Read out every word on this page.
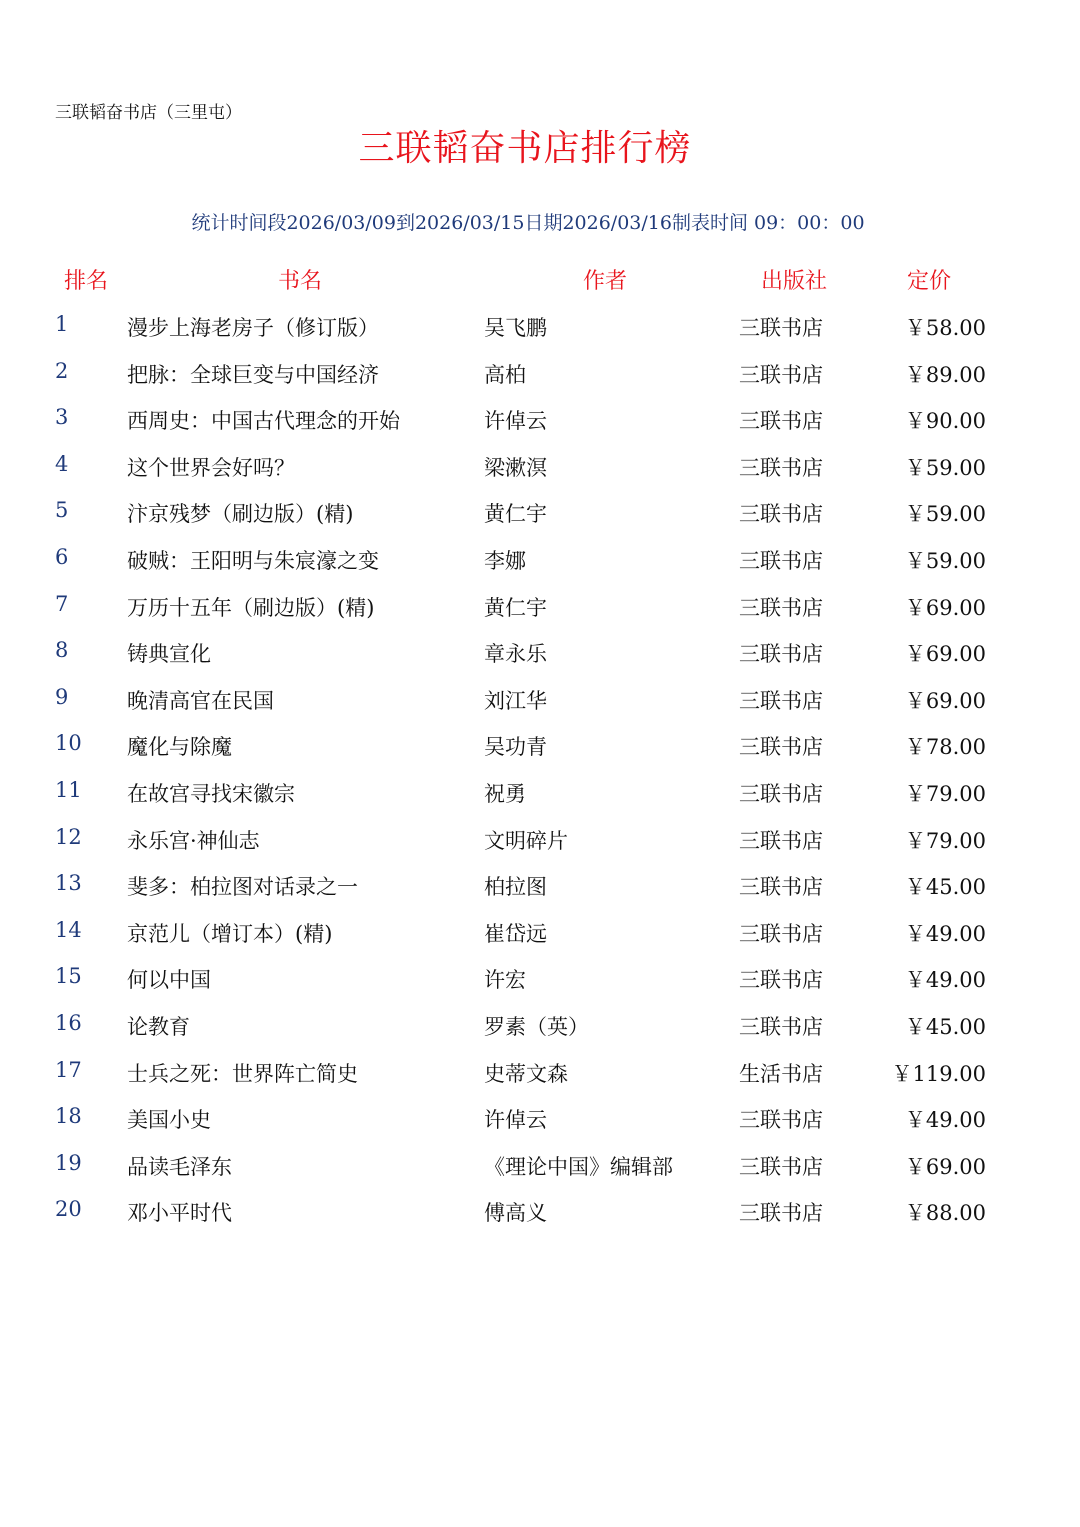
三联韬奋书店（三里屯）
三联韬奋书店排行榜
统计时间段2026/03/09到2026/03/15日期2026/03/16制表时间 09：00：00
排名	书名	作者	出版社	定价
1	漫步上海老房子（修订版）	吴飞鹏	三联书店	￥58.00
2	把脉：全球巨变与中国经济	高柏	三联书店	￥89.00
3	西周史：中国古代理念的开始	许倬云	三联书店	￥90.00
4	这个世界会好吗？	梁漱溟	三联书店	￥59.00
5	汴京残梦（刷边版）(精)	黄仁宇	三联书店	￥59.00
6	破贼：王阳明与朱宸濠之变	李娜	三联书店	￥59.00
7	万历十五年（刷边版）(精)	黄仁宇	三联书店	￥69.00
8	铸典宣化	章永乐	三联书店	￥69.00
9	晚清高官在民国	刘江华	三联书店	￥69.00
10 魔化与除魔	吴功青	三联书店	￥78.00
11 在故宫寻找宋徽宗	祝勇	三联书店	￥79.00
12 永乐宫·神仙志	文明碎片	三联书店	￥79.00
13 斐多：柏拉图对话录之一	柏拉图	三联书店	￥45.00
14 京范儿（增订本）(精)	崔岱远	三联书店	￥49.00
15 何以中国	许宏	三联书店	￥49.00
16 论教育	罗素（英）	三联书店	￥45.00
17 士兵之死：世界阵亡简史	史蒂文森	生活书店	￥119.00
18 美国小史	许倬云	三联书店	￥49.00
19 品读毛泽东	《理论中国》编辑部	三联书店	￥69.00
20 邓小平时代	傅高义	三联书店	￥88.00
